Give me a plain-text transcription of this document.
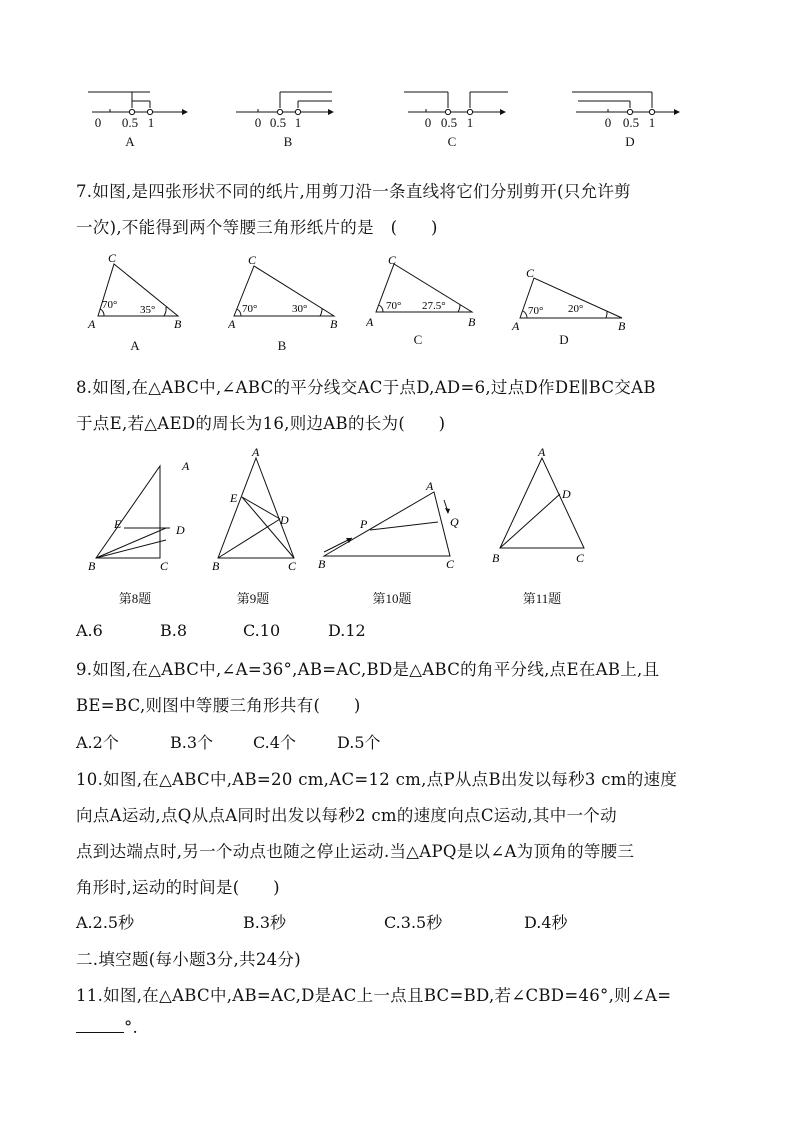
0	0.5 1
A
0 0.5 1
B
0 0.5 1
C
0 0.5 1
D
7.如图,是四张形状不同的纸片,用剪刀沿一条直线将它们分别剪开(只允许剪
一次),不能得到两个等腰三角形纸片的是　(　　)
C
A	B
70° 35°
A
C
A	B
70°	30°
B
C
A	B
70° 27.5°
C
C
A	B
70° 20°
D
8.如图,在△ABC中,∠ABC的平分线交AC于点D,AD=6,过点D作DE∥BC交AB
于点E,若△AED的周长为16,则边AB的长为(　　)
A
E	D
B	C
第8题
A
E
D
B	C
第9题
A
P	Q
B	C
第10题
A
D
B	C
第11题
A.6	B.8	C.10	D.12
9.如图,在△ABC中,∠A=36°,AB=AC,BD是△ABC的角平分线,点E在AB上,且
BE=BC,则图中等腰三角形共有(　　)
A.2个	B.3个 C.4个	D.5个
10.如图,在△ABC中,AB=20 cm,AC=12 cm,点P从点B出发以每秒3 cm的速度
向点A运动,点Q从点A同时出发以每秒2 cm的速度向点C运动,其中一个动
点到达端点时,另一个动点也随之停止运动.当△APQ是以∠A为顶角的等腰三
角形时,运动的时间是(　　)
A.2.5秒	B.3秒	C.3.5秒	D.4秒
二.填空题(每小题3分,共24分)
11.如图,在△ABC中,AB=AC,D是AC上一点且BC=BD,若∠CBD=46°,则∠A=
°.
